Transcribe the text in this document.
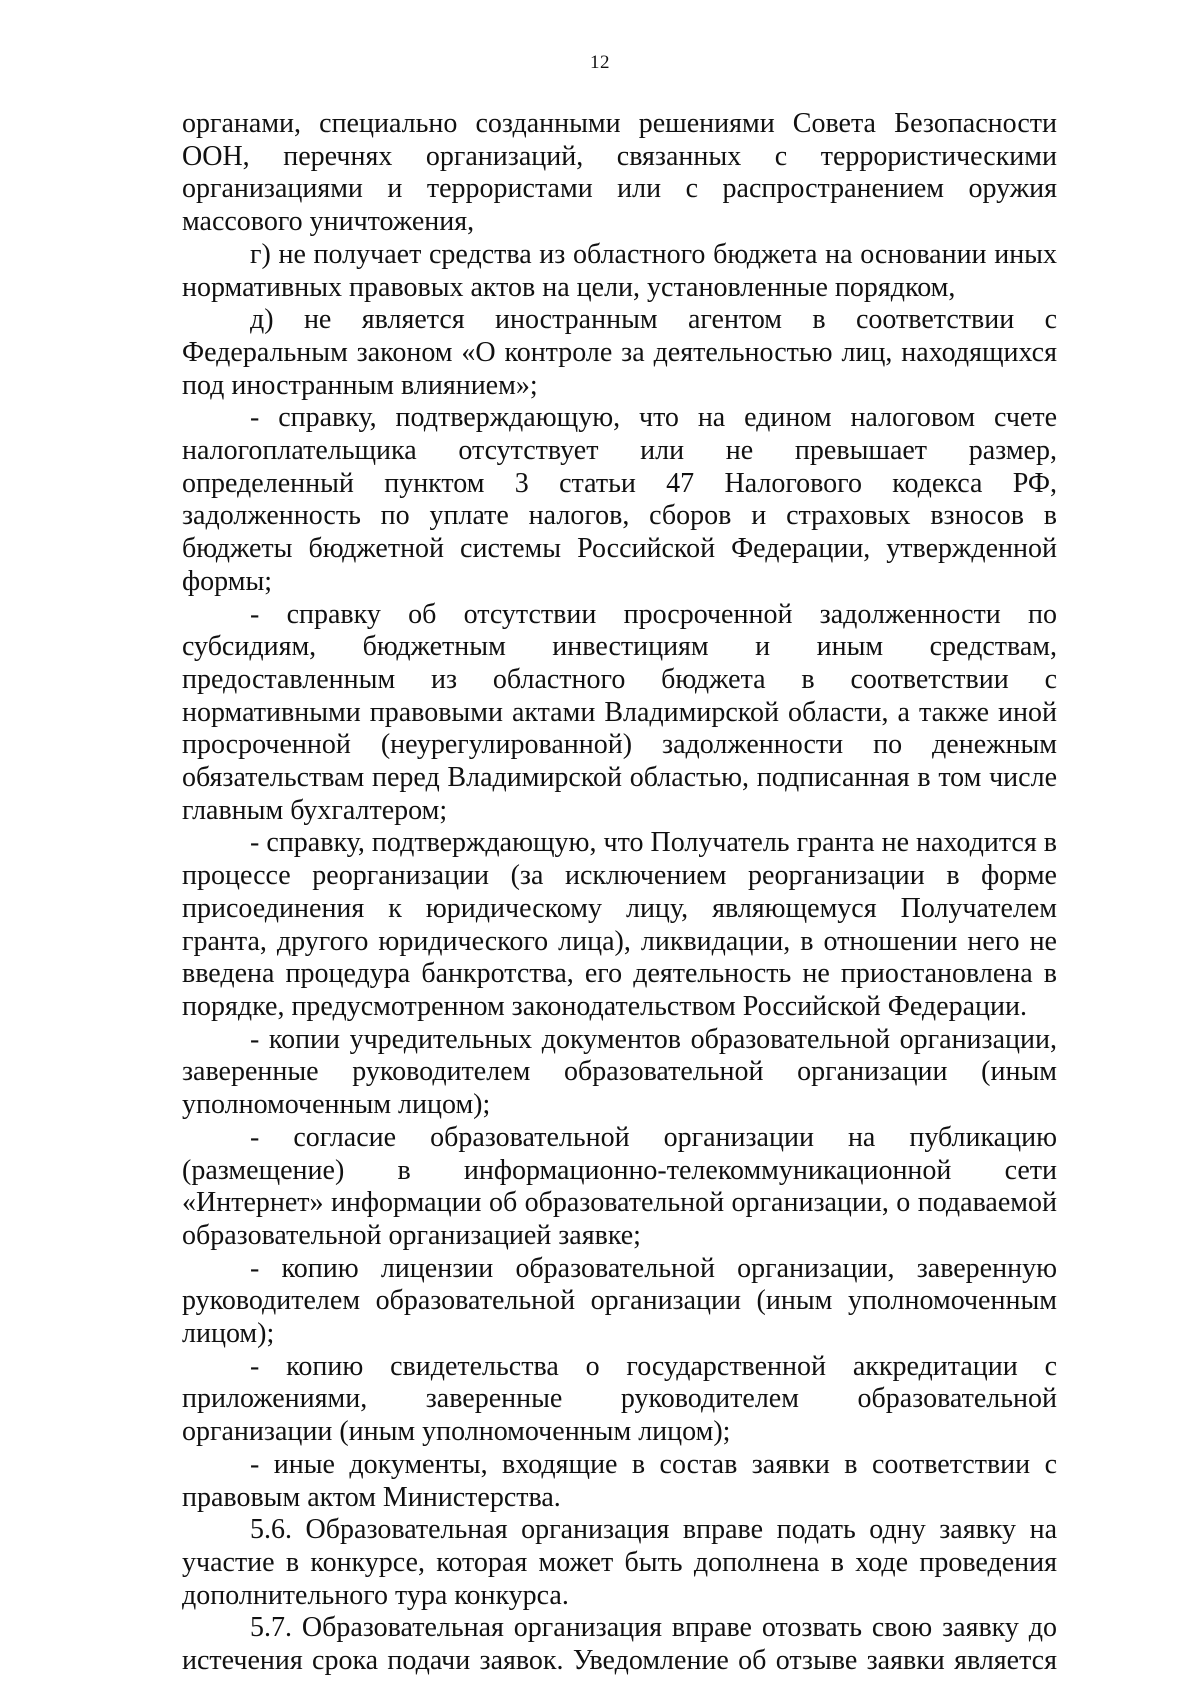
12

органами, специально созданными решениями Совета Безопасности ООН, перечнях организаций, связанных с террористическими организациями и террористами или с распространением оружия массового уничтожения,

г) не получает средства из областного бюджета на основании иных нормативных правовых актов на цели, установленные порядком,

д) не является иностранным агентом в соответствии с Федеральным законом «О контроле за деятельностью лиц, находящихся под иностранным влиянием»;

- справку, подтверждающую, что на едином налоговом счете налогоплательщика отсутствует или не превышает размер, определенный пунктом 3 статьи 47 Налогового кодекса РФ, задолженность по уплате налогов, сборов и страховых взносов в бюджеты бюджетной системы Российской Федерации, утвержденной формы;

- справку об отсутствии просроченной задолженности по субсидиям, бюджетным инвестициям и иным средствам, предоставленным из областного бюджета в соответствии с нормативными правовыми актами Владимирской области, а также иной просроченной (неурегулированной) задолженности по денежным обязательствам перед Владимирской областью, подписанная в том числе главным бухгалтером;

- справку, подтверждающую, что Получатель гранта не находится в процессе реорганизации (за исключением реорганизации в форме присоединения к юридическому лицу, являющемуся Получателем гранта, другого юридического лица), ликвидации, в отношении него не введена процедура банкротства, его деятельность не приостановлена в порядке, предусмотренном законодательством Российской Федерации.

- копии учредительных документов образовательной организации, заверенные руководителем образовательной организации (иным уполномоченным лицом);

- согласие образовательной организации на публикацию (размещение) в информационно-телекоммуникационной сети «Интернет» информации об образовательной организации, о подаваемой образовательной организацией заявке;

- копию лицензии образовательной организации, заверенную руководителем образовательной организации (иным уполномоченным лицом);

- копию свидетельства о государственной аккредитации с приложениями, заверенные руководителем образовательной организации (иным уполномоченным лицом);

- иные документы, входящие в состав заявки в соответствии с правовым актом Министерства.

5.6. Образовательная организация вправе подать одну заявку на участие в конкурсе, которая может быть дополнена в ходе проведения дополнительного тура конкурса.

5.7. Образовательная организация вправе отозвать свою заявку до истечения срока подачи заявок. Уведомление об отзыве заявки является
